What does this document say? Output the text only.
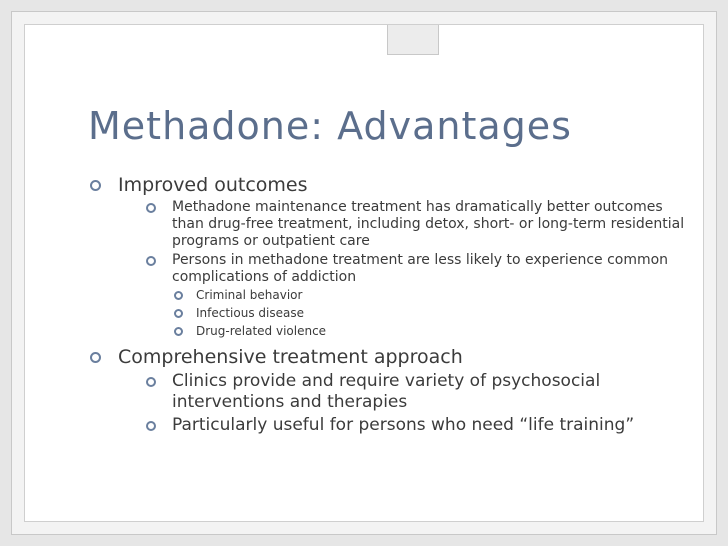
Methadone: Advantages
Improved outcomes
Methadone maintenance treatment has dramatically better outcomes than drug-free treatment, including detox, short- or long-term residential programs or outpatient care
Persons in methadone treatment are less likely to experience common complications of addiction
Criminal behavior
Infectious disease
Drug-related violence
Comprehensive treatment approach
Clinics provide and require variety of psychosocial interventions and therapies
Particularly useful for persons who need “life training”
